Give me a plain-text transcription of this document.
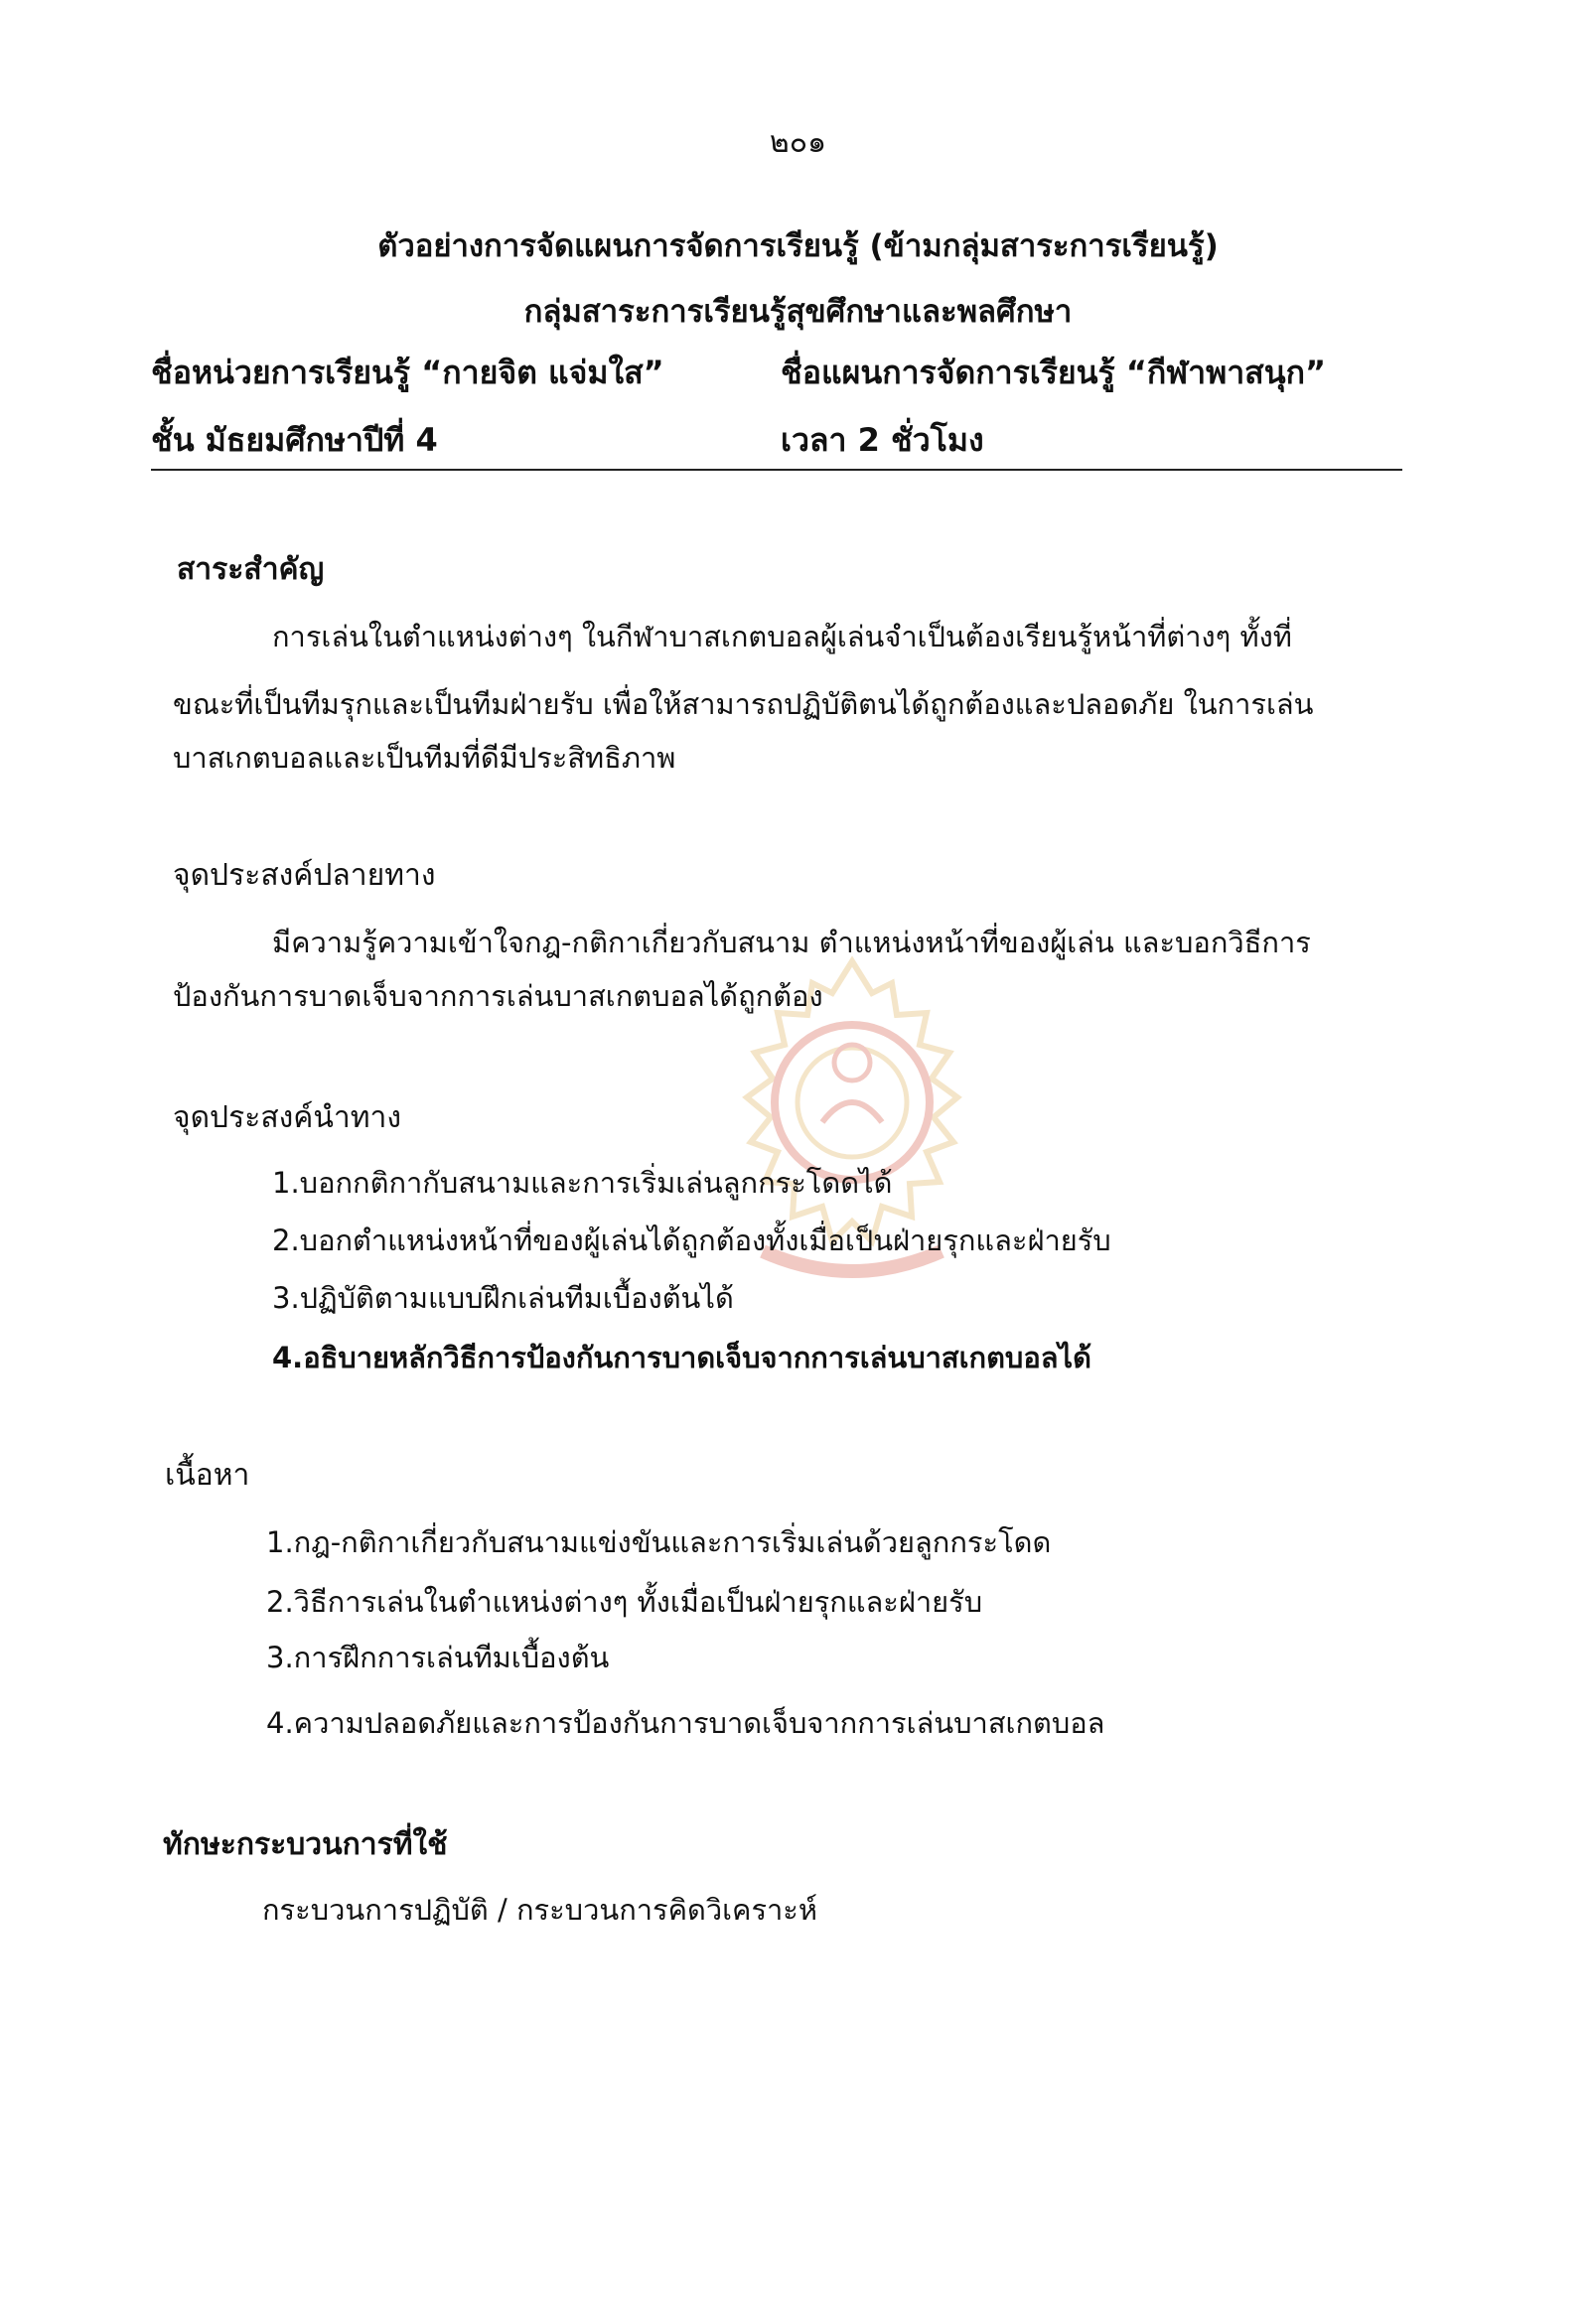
๒๐๑
ตัวอย่างการจัดแผนการจัดการเรียนรู้ (ข้ามกลุ่มสาระการเรียนรู้)
กลุ่มสาระการเรียนรู้สุขศึกษาและพลศึกษา
ชื่อหน่วยการเรียนรู้ “กายจิต แจ่มใส”	ชื่อแผนการจัดการเรียนรู้ “กีฬาพาสนุก”
ชั้น มัธยมศึกษาปีที่ 4	เวลา 2 ชั่วโมง
สาระสำคัญ
การเล่นในตำแหน่งต่างๆ ในกีฬาบาสเกตบอลผู้เล่นจำเป็นต้องเรียนรู้หน้าที่ต่างๆ ทั้งที่
ขณะที่เป็นทีมรุกและเป็นทีมฝ่ายรับ เพื่อให้สามารถปฏิบัติตนได้ถูกต้องและปลอดภัย ในการเล่น
บาสเกตบอลและเป็นทีมที่ดีมีประสิทธิภาพ
จุดประสงค์ปลายทาง
มีความรู้ความเข้าใจกฎ-กติกาเกี่ยวกับสนาม ตำแหน่งหน้าที่ของผู้เล่น และบอกวิธีการ
ป้องกันการบาดเจ็บจากการเล่นบาสเกตบอลได้ถูกต้อง
จุดประสงค์นำทาง
1.บอกกติกากับสนามและการเริ่มเล่นลูกกระโดดได้
2.บอกตำแหน่งหน้าที่ของผู้เล่นได้ถูกต้องทั้งเมื่อเป็นฝ่ายรุกและฝ่ายรับ
3.ปฏิบัติตามแบบฝึกเล่นทีมเบื้องต้นได้
4.อธิบายหลักวิธีการป้องกันการบาดเจ็บจากการเล่นบาสเกตบอลได้
เนื้อหา
1.กฎ-กติกาเกี่ยวกับสนามแข่งขันและการเริ่มเล่นด้วยลูกกระโดด
2.วิธีการเล่นในตำแหน่งต่างๆ ทั้งเมื่อเป็นฝ่ายรุกและฝ่ายรับ
3.การฝึกการเล่นทีมเบื้องต้น
4.ความปลอดภัยและการป้องกันการบาดเจ็บจากการเล่นบาสเกตบอล
ทักษะกระบวนการที่ใช้
กระบวนการปฏิบัติ / กระบวนการคิดวิเคราะห์
